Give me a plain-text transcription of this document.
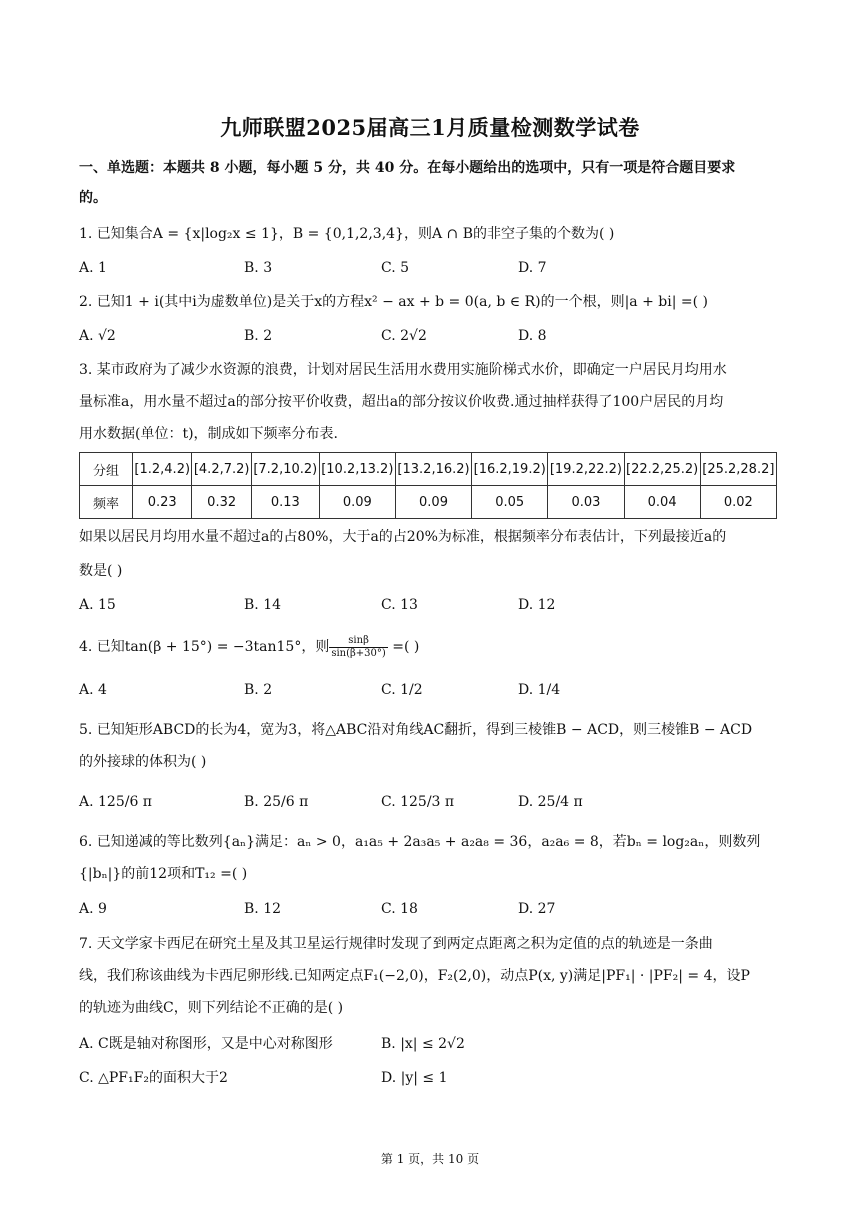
九师联盟2025届高三1月质量检测数学试卷
一、单选题：本题共 8 小题，每小题 5 分，共 40 分。在每小题给出的选项中，只有一项是符合题目要求
的。
1. 已知集合A = {x|log₂x ≤ 1}，B = {0,1,2,3,4}，则A ∩ B的非空子集的个数为( )
A. 1	B. 3	C. 5	D. 7
2. 已知1 + i(其中i为虚数单位)是关于x的方程x² − ax + b = 0(a, b ∈ R)的一个根，则|a + bi| =( )
A. √2	B. 2	C. 2√2	D. 8
3. 某市政府为了减少水资源的浪费，计划对居民生活用水费用实施阶梯式水价，即确定一户居民月均用水
量标准a，用水量不超过a的部分按平价收费，超出a的部分按议价收费.通过抽样获得了100户居民的月均
用水数据(单位：t)，制成如下频率分布表.
分组	[1.2,4.2)	[4.2,7.2)	[7.2,10.2)	[10.2,13.2)	[13.2,16.2)	[16.2,19.2)	[19.2,22.2)	[22.2,25.2)	[25.2,28.2]
频率	0.23	0.32	0.13	0.09	0.09	0.05	0.03	0.04	0.02
如果以居民月均用水量不超过a的占80%，大于a的占20%为标准，根据频率分布表估计，下列最接近a的
数是( )
A. 15	B. 14	C. 13	D. 12
4. 已知tan(β + 15°) = −3tan15°，则 $\frac{\sin\beta}{\sin(\beta+30^\circ)}$ =( )
A. 4	B. 2	C. 1/2	D. 1/4
5. 已知矩形ABCD的长为4，宽为3，将△ABC沿对角线AC翻折，得到三棱锥B − ACD，则三棱锥B − ACD
的外接球的体积为( )
A. 125/6 π	B. 25/6 π	C. 125/3 π	D. 25/4 π
6. 已知递减的等比数列{aₙ}满足：aₙ > 0，a₁a₅ + 2a₃a₅ + a₂a₈ = 36，a₂a₆ = 8，若bₙ = log₂aₙ，则数列
{|bₙ|}的前12项和T₁₂ =( )
A. 9	B. 12	C. 18	D. 27
7. 天文学家卡西尼在研究土星及其卫星运行规律时发现了到两定点距离之积为定值的点的轨迹是一条曲
线，我们称该曲线为卡西尼卵形线.已知两定点F₁(−2,0)，F₂(2,0)，动点P(x, y)满足|PF₁| · |PF₂| = 4，设P
的轨迹为曲线C，则下列结论不正确的是( )
A. C既是轴对称图形，又是中心对称图形	B. |x| ≤ 2√2
C. △PF₁F₂的面积大于2	D. |y| ≤ 1
第 1 页，共 10 页
